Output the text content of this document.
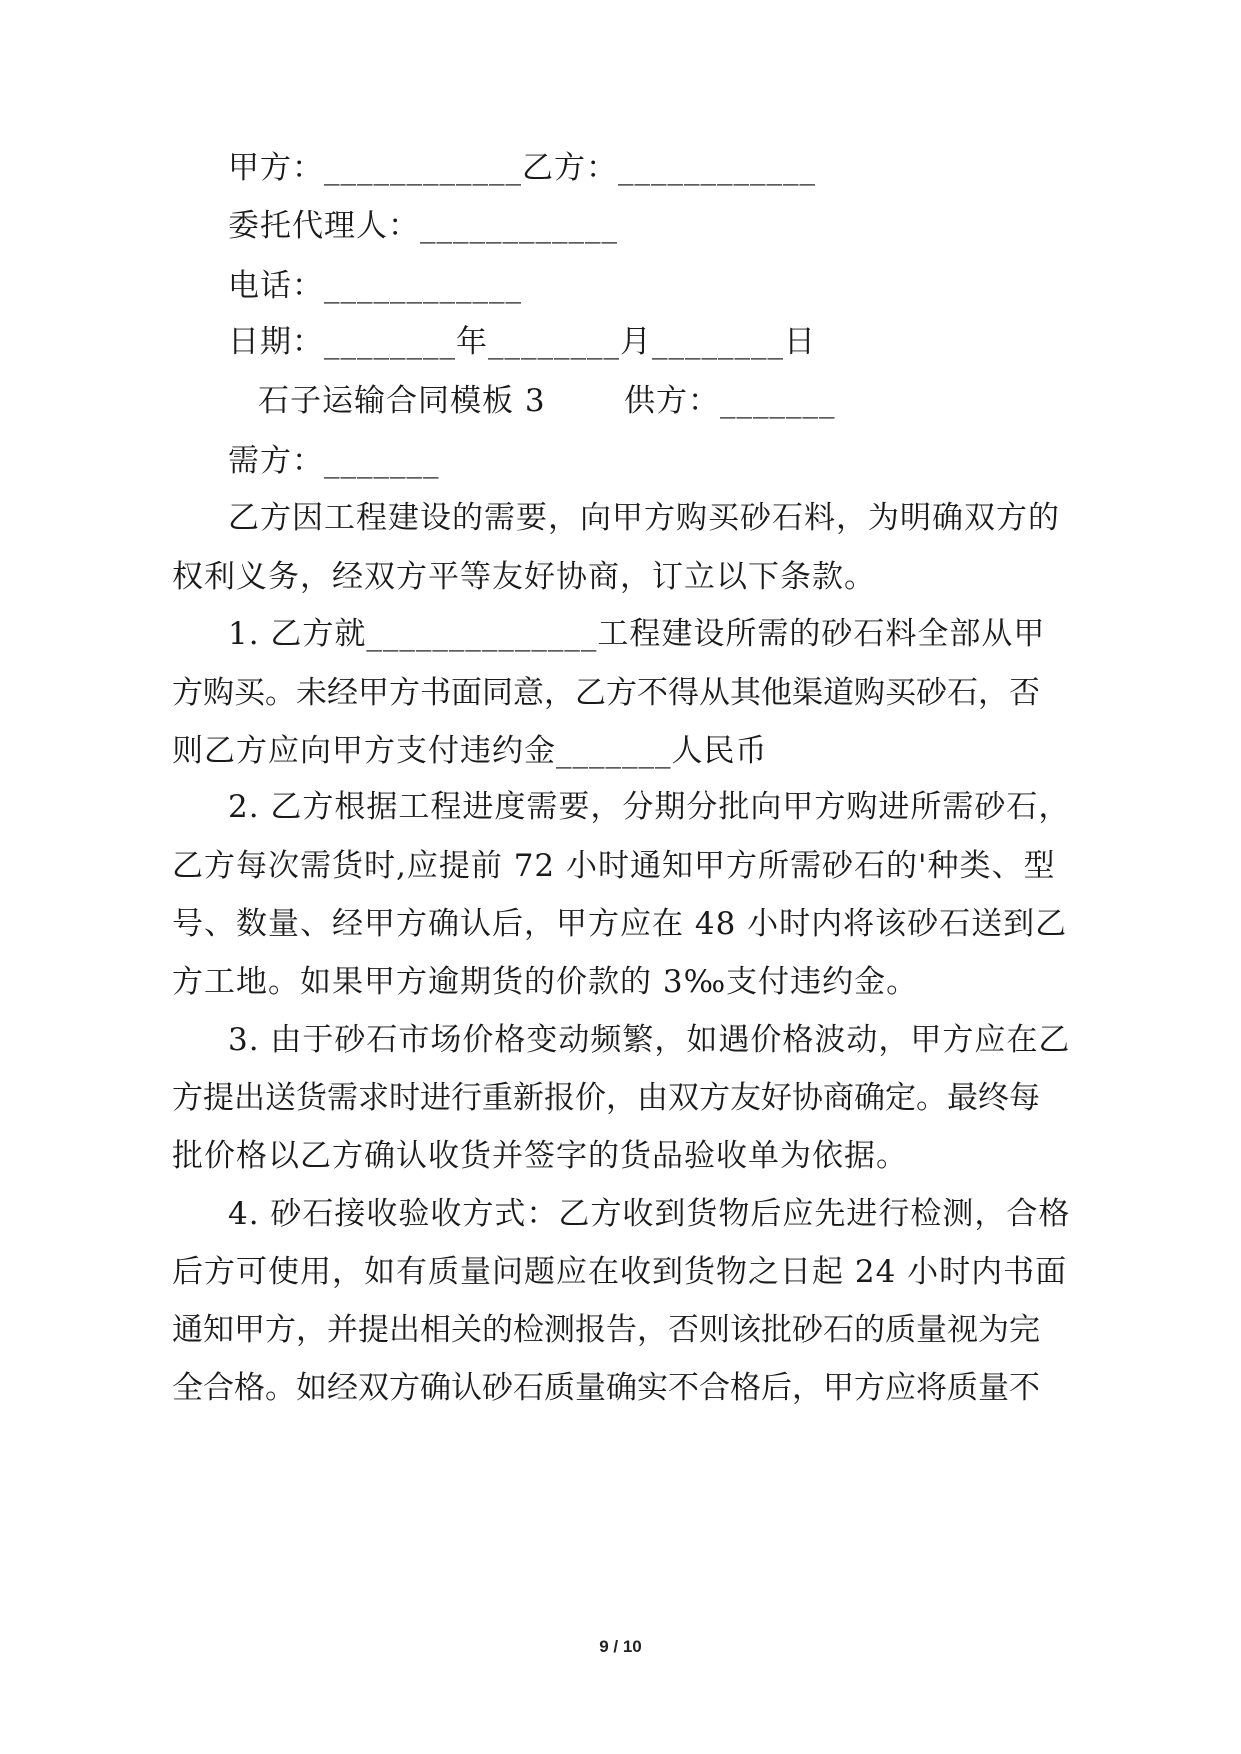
甲方：____________乙方：____________
委托代理人：____________
电话：____________
日期：________年________月________日
石子运输合同模板 3	供方：_______
需方：_______
乙方因工程建设的需要，向甲方购买砂石料，为明确双方的
权利义务，经双方平等友好协商，订立以下条款。
1. 乙方就______________工程建设所需的砂石料全部从甲
方购买。未经甲方书面同意，乙方不得从其他渠道购买砂石，否
则乙方应向甲方支付违约金_______人民币
2. 乙方根据工程进度需要，分期分批向甲方购进所需砂石，
乙方每次需货时,应提前 72 小时通知甲方所需砂石的'种类、型
号、数量、经甲方确认后，甲方应在 48 小时内将该砂石送到乙
方工地。如果甲方逾期货的价款的 3‰支付违约金。
3. 由于砂石市场价格变动频繁，如遇价格波动，甲方应在乙
方提出送货需求时进行重新报价，由双方友好协商确定。最终每
批价格以乙方确认收货并签字的货品验收单为依据。
4. 砂石接收验收方式：乙方收到货物后应先进行检测，合格
后方可使用，如有质量问题应在收到货物之日起 24 小时内书面
通知甲方，并提出相关的检测报告，否则该批砂石的质量视为完
全合格。如经双方确认砂石质量确实不合格后，甲方应将质量不
9 / 10
